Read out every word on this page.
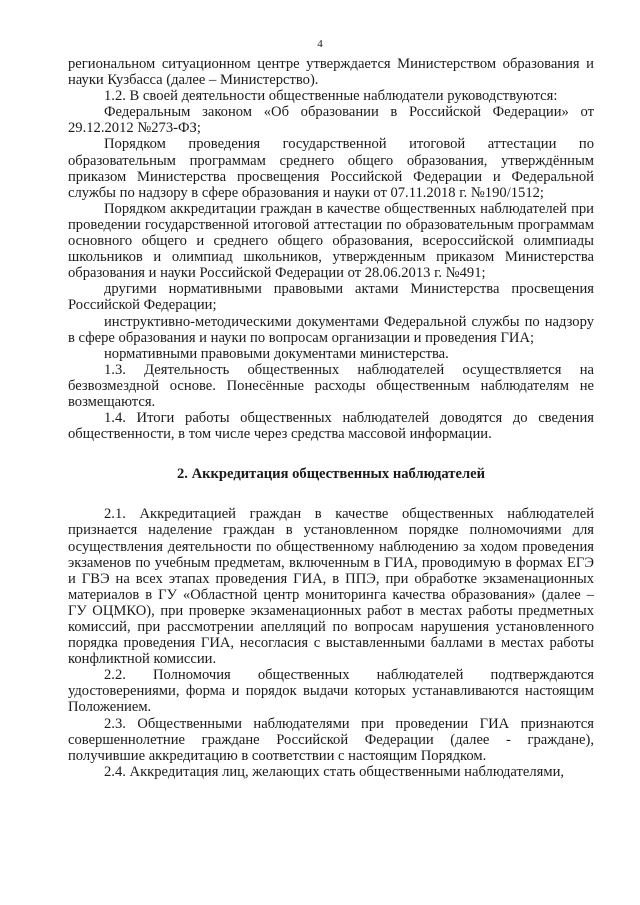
4

региональном ситуационном центре утверждается Министерством образования и науки Кузбасса (далее – Министерство).

1.2. В своей деятельности общественные наблюдатели руководствуются:

Федеральным законом «Об образовании в Российской Федерации» от 29.12.2012 №273-ФЗ;

Порядком проведения государственной итоговой аттестации по образовательным программам среднего общего образования, утверждённым приказом Министерства просвещения Российской Федерации и Федеральной службы по надзору в сфере образования и науки от 07.11.2018 г. №190/1512;

Порядком аккредитации граждан в качестве общественных наблюдателей при проведении государственной итоговой аттестации по образовательным программам основного общего и среднего общего образования, всероссийской олимпиады школьников и олимпиад школьников, утвержденным приказом Министерства образования и науки Российской Федерации от 28.06.2013 г. №491;

другими нормативными правовыми актами Министерства просвещения Российской Федерации;

инструктивно-методическими документами Федеральной службы по надзору в сфере образования и науки по вопросам организации и проведения ГИА;

нормативными правовыми документами министерства.

1.3. Деятельность общественных наблюдателей осуществляется на безвозмездной основе. Понесённые расходы общественным наблюдателям не возмещаются.

1.4. Итоги работы общественных наблюдателей доводятся до сведения общественности, в том числе через средства массовой информации.

2. Аккредитация общественных наблюдателей

2.1. Аккредитацией граждан в качестве общественных наблюдателей признается наделение граждан в установленном порядке полномочиями для осуществления деятельности по общественному наблюдению за ходом проведения экзаменов по учебным предметам, включенным в ГИА, проводимую в формах ЕГЭ и ГВЭ на всех этапах проведения ГИА, в ППЭ, при обработке экзаменационных материалов в ГУ «Областной центр мониторинга качества образования» (далее – ГУ ОЦМКО), при проверке экзаменационных работ в местах работы предметных комиссий, при рассмотрении апелляций по вопросам нарушения установленного порядка проведения ГИА, несогласия с выставленными баллами в местах работы конфликтной комиссии.

2.2. Полномочия общественных наблюдателей подтверждаются удостоверениями, форма и порядок выдачи которых устанавливаются настоящим Положением.

2.3. Общественными наблюдателями при проведении ГИА признаются совершеннолетние граждане Российской Федерации (далее - граждане), получившие аккредитацию в соответствии с настоящим Порядком.

2.4. Аккредитация лиц, желающих стать общественными наблюдателями,
